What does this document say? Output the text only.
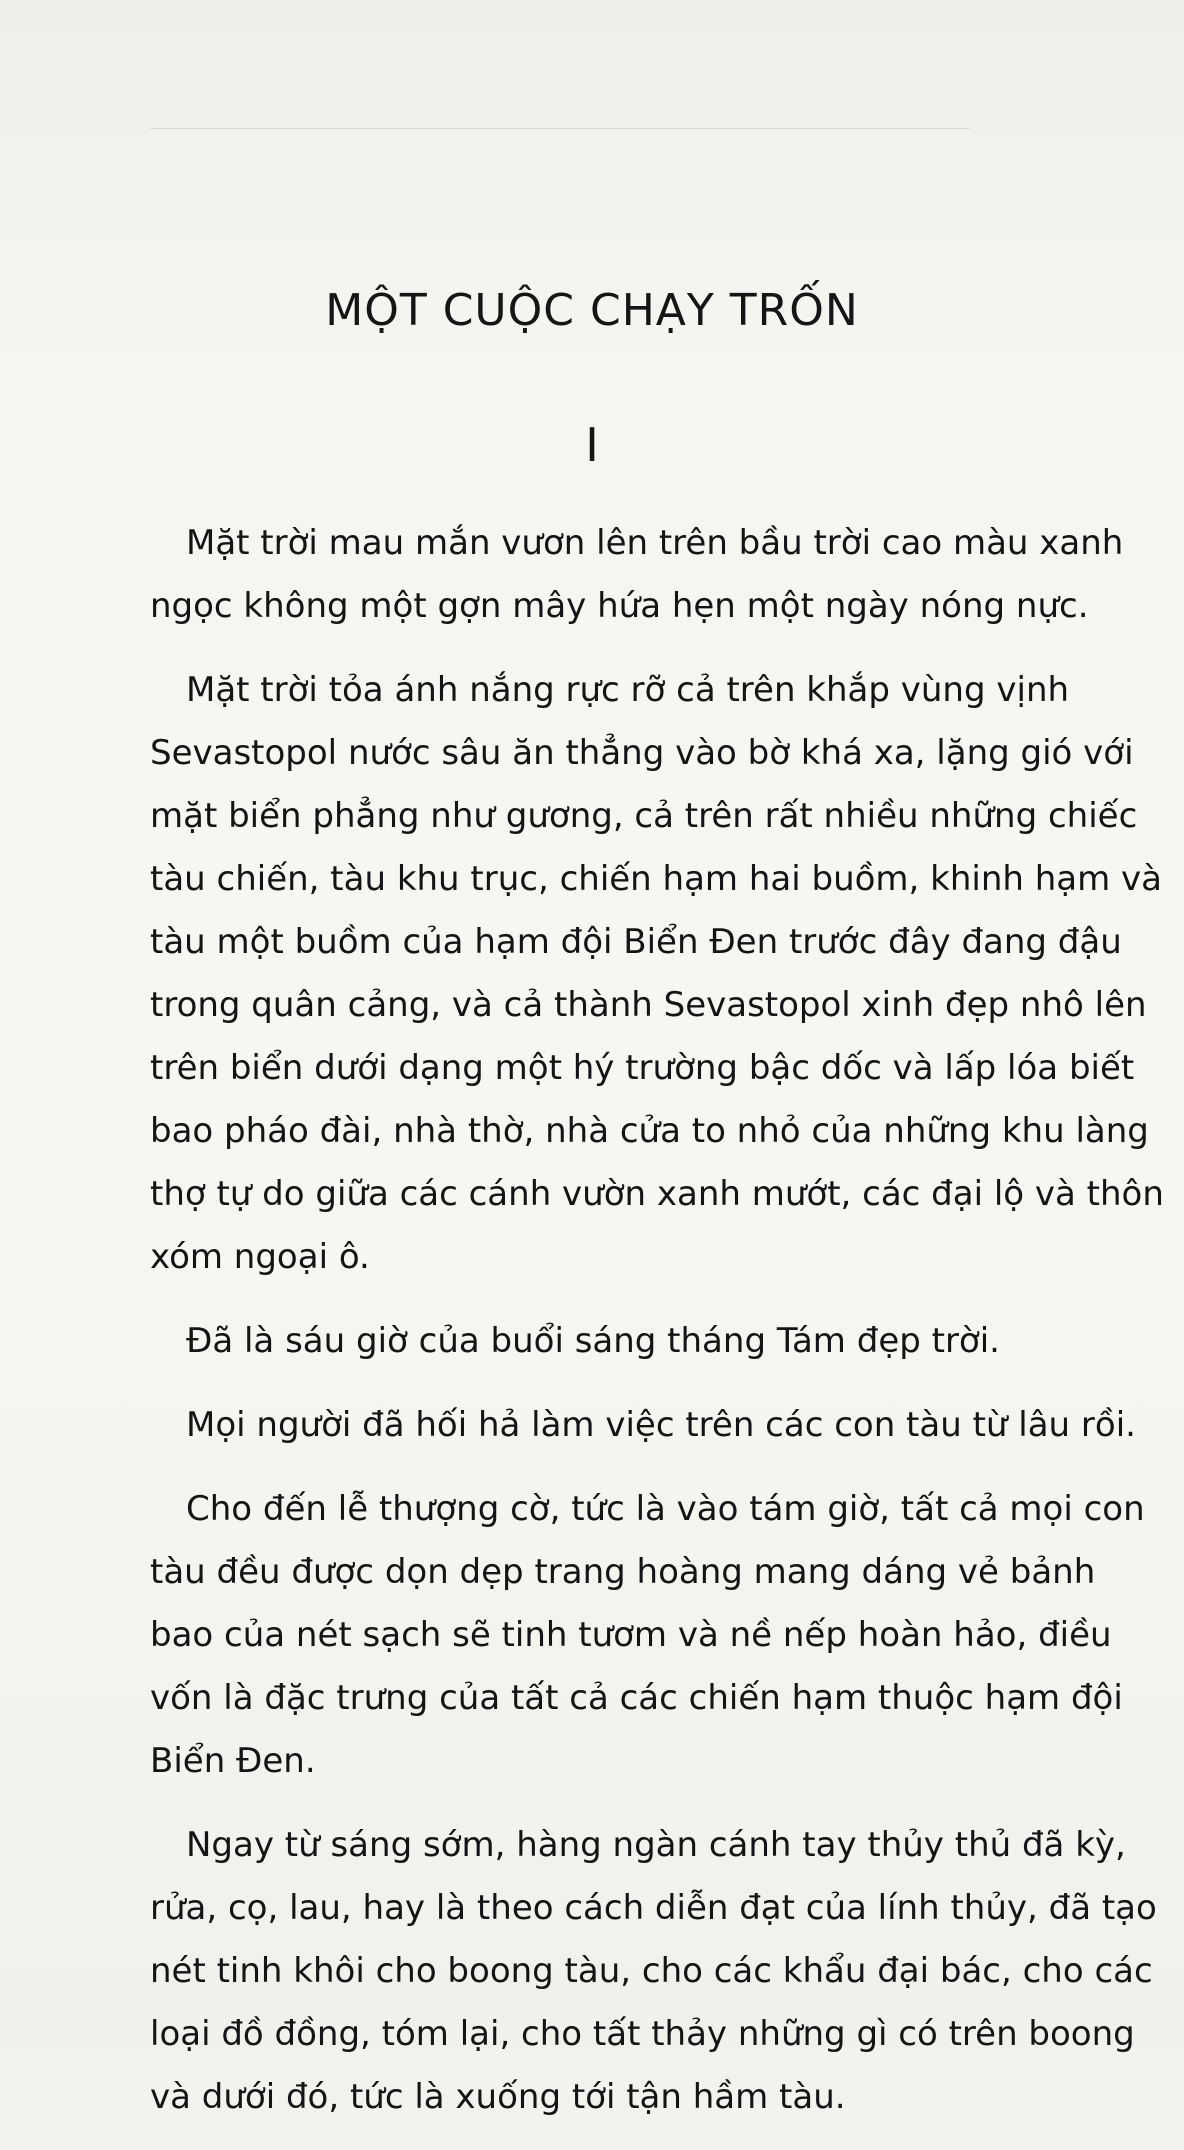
MỘT CUỘC CHẠY TRỐN
I

Mặt trời mau mắn vươn lên trên bầu trời cao màu xanh
ngọc không một gợn mây hứa hẹn một ngày nóng nực.

Mặt trời tỏa ánh nắng rực rỡ cả trên khắp vùng vịnh
Sevastopol nước sâu ăn thẳng vào bờ khá xa, lặng gió với
mặt biển phẳng như gương, cả trên rất nhiều những chiếc
tàu chiến, tàu khu trục, chiến hạm hai buồm, khinh hạm và
tàu một buồm của hạm đội Biển Đen trước đây đang đậu
trong quân cảng, và cả thành Sevastopol xinh đẹp nhô lên
trên biển dưới dạng một hý trường bậc dốc và lấp lóa biết
bao pháo đài, nhà thờ, nhà cửa to nhỏ của những khu làng
thợ tự do giữa các cánh vườn xanh mướt, các đại lộ và thôn
xóm ngoại ô.

Đã là sáu giờ của buổi sáng tháng Tám đẹp trời.

Mọi người đã hối hả làm việc trên các con tàu từ lâu rồi.

Cho đến lễ thượng cờ, tức là vào tám giờ, tất cả mọi con
tàu đều được dọn dẹp trang hoàng mang dáng vẻ bảnh
bao của nét sạch sẽ tinh tươm và nề nếp hoàn hảo, điều
vốn là đặc trưng của tất cả các chiến hạm thuộc hạm đội
Biển Đen.

Ngay từ sáng sớm, hàng ngàn cánh tay thủy thủ đã kỳ,
rửa, cọ, lau, hay là theo cách diễn đạt của lính thủy, đã tạo
nét tinh khôi cho boong tàu, cho các khẩu đại bác, cho các
loại đồ đồng, tóm lại, cho tất thảy những gì có trên boong
và dưới đó, tức là xuống tới tận hầm tàu.
